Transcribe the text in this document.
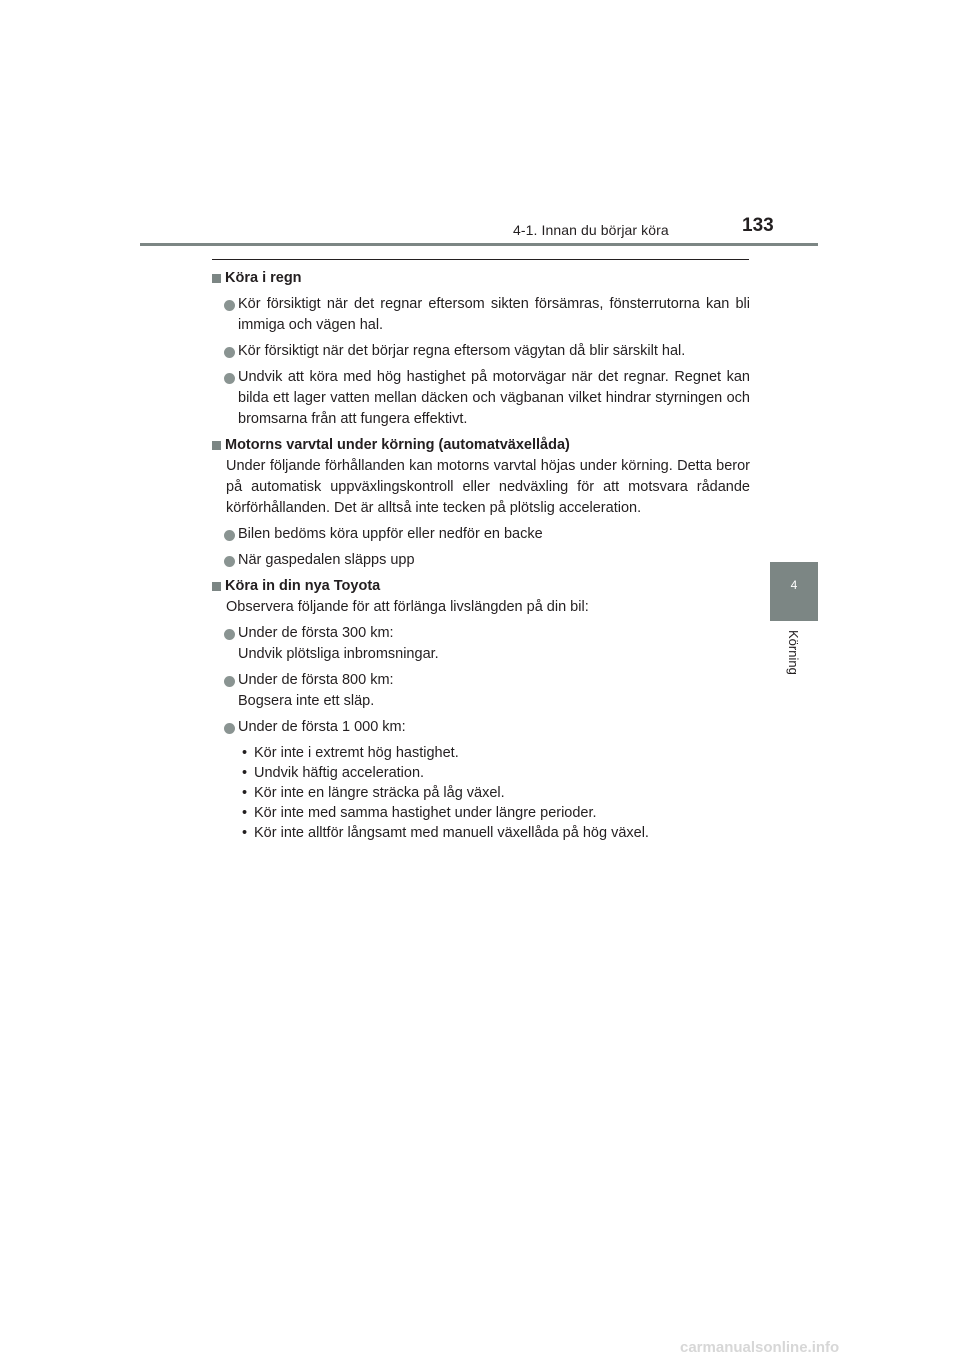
4-1. Innan du börjar köra	133
4
Körning
Köra i regn
Kör försiktigt när det regnar eftersom sikten försämras, fönsterrutorna kan bli immiga och vägen hal.
Kör försiktigt när det börjar regna eftersom vägytan då blir särskilt hal.
Undvik att köra med hög hastighet på motorvägar när det regnar. Regnet kan bilda ett lager vatten mellan däcken och vägbanan vilket hindrar styrningen och bromsarna från att fungera effektivt.
Motorns varvtal under körning (automatväxellåda)
Under följande förhållanden kan motorns varvtal höjas under körning. Detta beror på automatisk uppväxlingskontroll eller nedväxling för att motsvara rådande körförhållanden. Det är alltså inte tecken på plötslig acceleration.
Bilen bedöms köra uppför eller nedför en backe
När gaspedalen släpps upp
Köra in din nya Toyota
Observera följande för att förlänga livslängden på din bil:
Under de första 300 km:
Undvik plötsliga inbromsningar.
Under de första 800 km:
Bogsera inte ett släp.
Under de första 1 000 km:
• Kör inte i extremt hög hastighet.
• Undvik häftig acceleration.
• Kör inte en längre sträcka på låg växel.
• Kör inte med samma hastighet under längre perioder.
• Kör inte alltför långsamt med manuell växellåda på hög växel.
carmanualsonline.info
